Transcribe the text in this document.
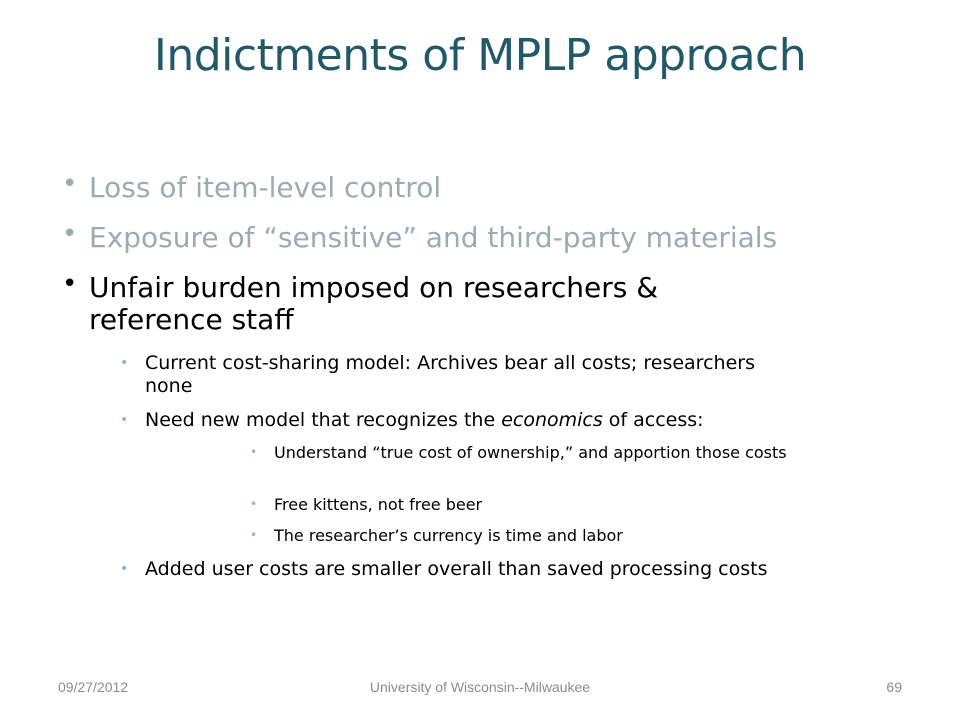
Indictments of MPLP approach
• Loss of item-level control
• Exposure of “sensitive” and third-party materials
• Unfair burden imposed on researchers & reference staff
• Current cost-sharing model: Archives bear all costs; researchers none
• Need new model that recognizes the economics of access:
• Understand “true cost of ownership,” and apportion those costs
• Free kittens, not free beer
• The researcher’s currency is time and labor
• Added user costs are smaller overall than saved processing costs
09/27/2012	University of Wisconsin--Milwaukee	69
